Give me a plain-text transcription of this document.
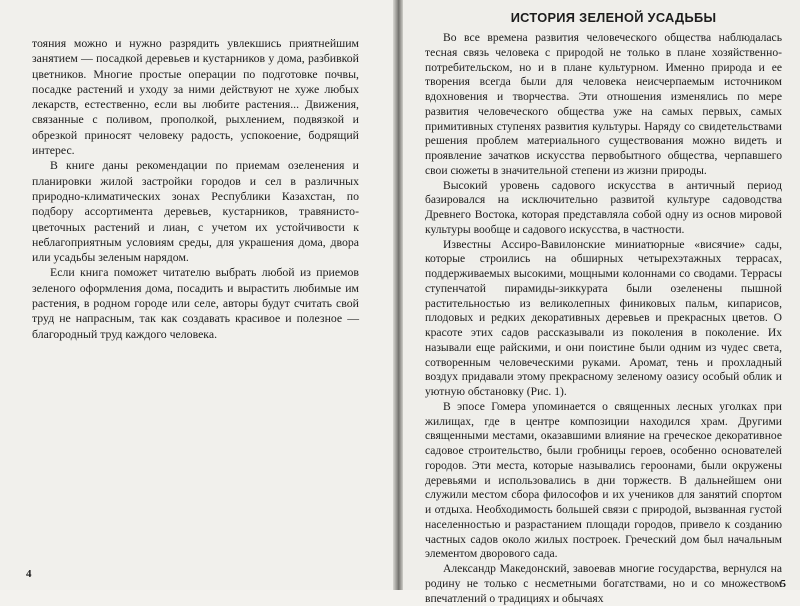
тояния можно и нужно разрядить увлекшись приятнейшим занятием — посадкой деревьев и кустарников у дома, разбивкой цветников. Многие простые операции по подготовке почвы, посадке растений и уходу за ними действуют не хуже любых лекарств, естественно, если вы любите растения... Движения, связанные с поливом, прополкой, рыхлением, подвязкой и обрезкой приносят человеку радость, успокоение, бодрящий интерес.

В книге даны рекомендации по приемам озеленения и планировки жилой застройки городов и сел в различных природно-климатических зонах Республики Казахстан, по подбору ассортимента деревьев, кустарников, травянисто-цветочных растений и лиан, с учетом их устойчивости к неблагоприятным условиям среды, для украшения дома, двора или усадьбы зеленым нарядом.

Если книга поможет читателю выбрать любой из приемов зеленого оформления дома, посадить и вырастить любимые им растения, в родном городе или селе, авторы будут считать свой труд не напрасным, так как создавать красивое и полезное — благородный труд каждого человека.

4
ИСТОРИЯ ЗЕЛЕНОЙ УСАДЬБЫ

Во все времена развития человеческого общества наблюдалась тесная связь человека с природой не только в плане хозяйственно-потребительском, но и в плане культурном. Именно природа и ее творения всегда были для человека неисчерпаемым источником вдохновения и творчества. Эти отношения изменялись по мере развития человеческого общества уже на самых первых, самых примитивных ступенях развития культуры. Наряду со свидетельствами решения проблем материального существования можно видеть и проявление зачатков искусства первобытного общества, черпавшего свои сюжеты в значительной степени из жизни природы.

Высокий уровень садового искусства в античный период базировался на исключительно развитой культуре садоводства Древнего Востока, которая представляла собой одну из основ мировой культуры вообще и садового искусства, в частности.

Известны Ассиро-Вавилонские миниатюрные «висячие» сады, которые строились на обширных четырехэтажных террасах, поддерживаемых высокими, мощными колоннами со сводами. Террасы ступенчатой пирамиды-зиккурата были озеленены пышной растительностью из великолепных финиковых пальм, кипарисов, плодовых и редких декоративных деревьев и прекрасных цветов. О красоте этих садов рассказывали из поколения в поколение. Их называли еще райскими, и они поистине были одним из чудес света, сотворенным человеческими руками. Аромат, тень и прохладный воздух придавали этому прекрасному зеленому оазису особый облик и уютную обстановку (Рис. 1).

В эпосе Гомера упоминается о священных лесных уголках при жилищах, где в центре композиции находился храм. Другими священными местами, оказавшими влияние на греческое декоративное садовое строительство, были гробницы героев, особенно основателей городов. Эти места, которые назывались героонами, были окружены деревьями и использовались в дни торжеств. В дальнейшем они служили местом сбора философов и их учеников для занятий спортом и отдыха. Необходимость большей связи с природой, вызванная густой населенностью и разрастанием площади городов, привело к созданию частных садов около жилых построек. Греческий дом был начальным элементом дворового сада.

Александр Македонский, завоевав многие государства, вернулся на родину не только с несметными богатствами, но и со множеством впечатлений о традициях и обычаях

5
